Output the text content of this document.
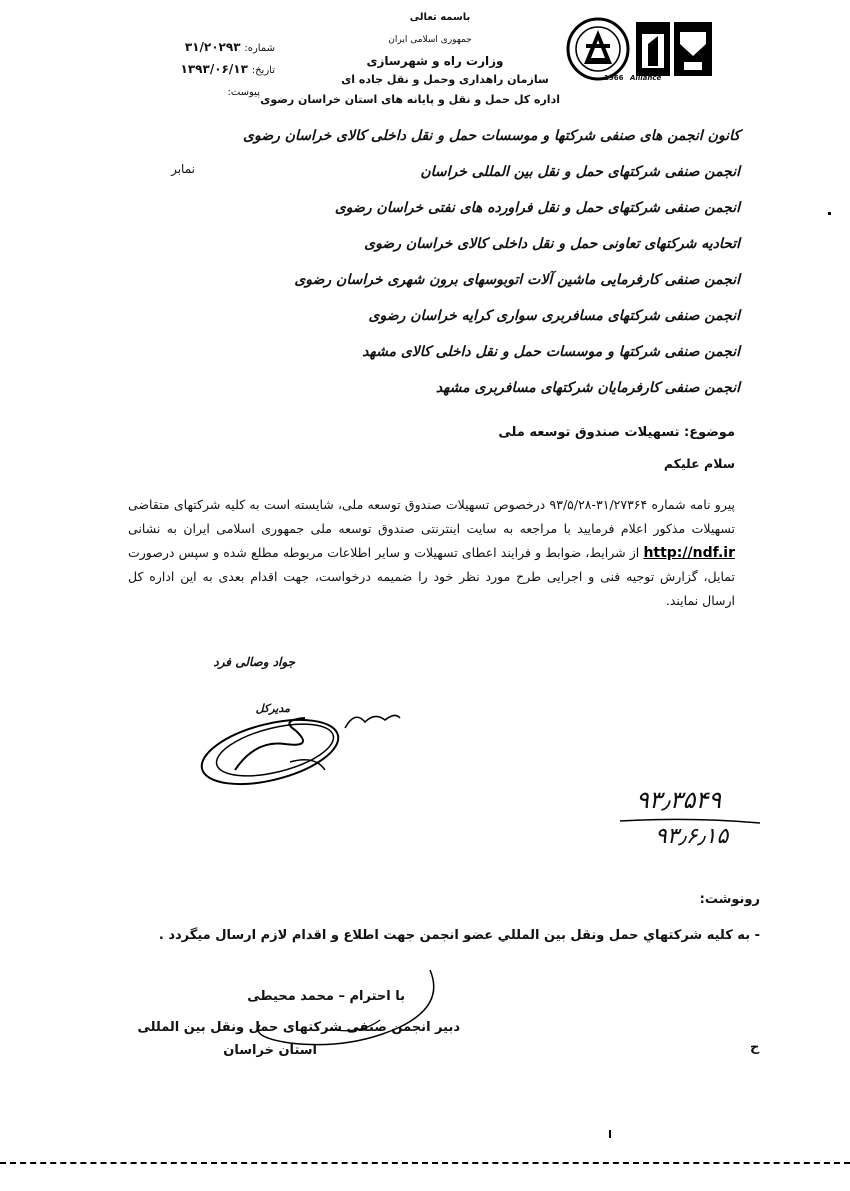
باسمه تعالی
جمهوری اسلامی ایران
وزارت راه و شهرسازی
سازمان راهداری وحمل و نقل جاده ای
اداره کل حمل و نقل و پایانه های استان خراسان رضوی
1966 Alliance
شماره: ۳۱/۲۰۲۹۳
تاریخ: ۱۳۹۳/۰۶/۱۳
پیوست:
کانون انجمن های صنفی شرکتها و موسسات حمل و نقل داخلی کالای خراسان رضوی
انجمن صنفی شرکتهای حمل و نقل بین المللی خراسان
انجمن صنفی شرکتهای حمل و نقل فراورده های نفتی خراسان رضوی
اتحادیه شرکتهای تعاونی حمل و نقل داخلی کالای خراسان رضوی
انجمن صنفی کارفرمایی ماشین آلات اتوبوسهای برون شهری خراسان رضوی
انجمن صنفی شرکتهای مسافربری سواری کرایه خراسان رضوی
انجمن صنفی شرکتها و موسسات حمل و نقل داخلی کالای مشهد
انجمن صنفی کارفرمایان شرکتهای مسافربری مشهد
نمابر
موضوع: تسهیلات صندوق توسعه ملی
سلام علیکم
پیرو نامه شماره ۳۱/۲۷۳۶۴-۹۳/۵/۲۸ درخصوص تسهیلات صندوق توسعه ملی، شایسته است به کلیه شرکتهای متقاضی تسهیلات مذکور اعلام فرمایید با مراجعه به سایت اینترنتی صندوق توسعه ملی جمهوری اسلامی ایران به نشانی http://ndf.ir از شرایط، ضوابط و فرایند اعطای تسهیلات و سایر اطلاعات مربوطه مطلع شده و سپس درصورت تمایل، گزارش توجیه فنی و اجرایی طرح مورد نظر خود را ضمیمه درخواست، جهت اقدام بعدی به این اداره کل ارسال نمایند.
جواد وصالی فرد
مدیرکل
۹۳٫۳۵۴۹
۹۳٫۶٫۱۵
رونوشت:
- به كليه شركتهاي حمل ونقل بين المللي عضو انجمن جهت اطلاع و اقدام لازم ارسال ميگردد .
با احترام – محمد محیطی
دبیر انجمن صنفی شرکتهای حمل ونقل بین المللی
استان خراسان	ح
